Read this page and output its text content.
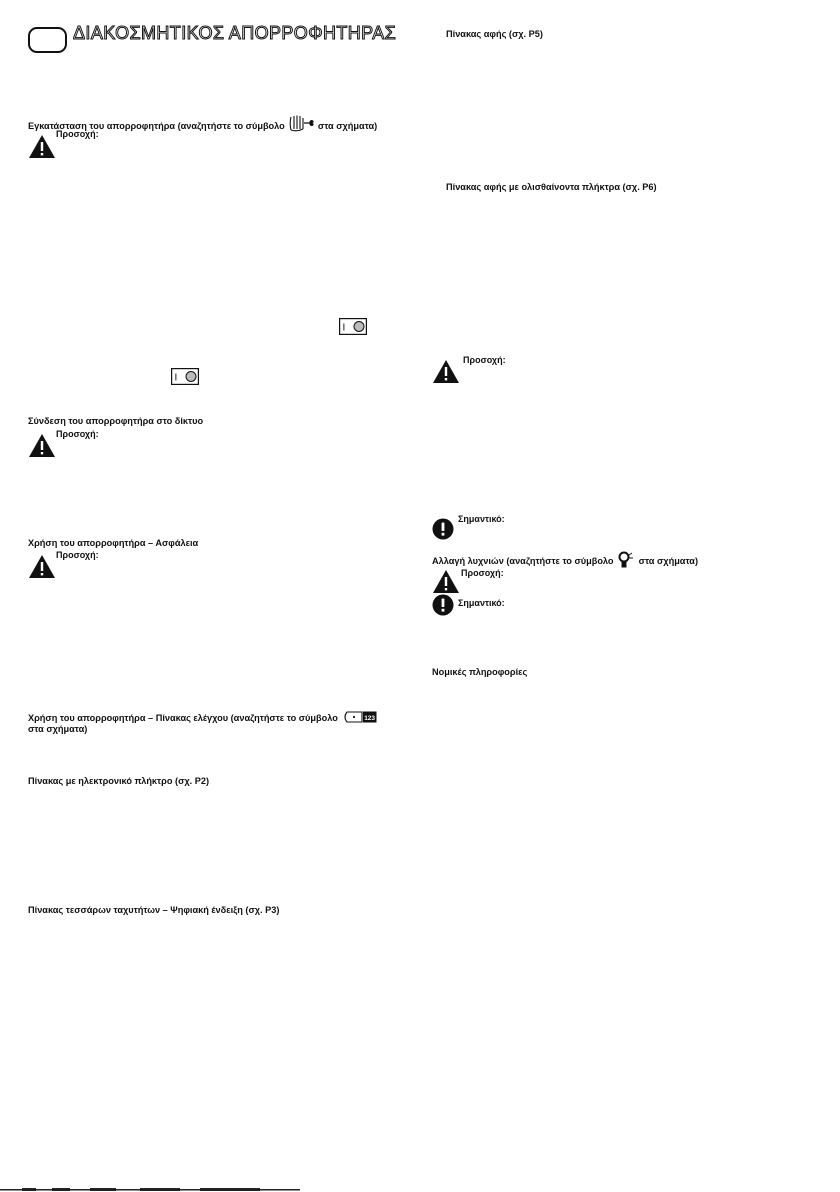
ΔΙΑΚΟΣΜΗΤΙΚΟΣ ΑΠΟΡΡΟΦΗΤΗΡΑΣ
Εγκατάσταση του απορροφητήρα (αναζητήστε το σύμβολο	στα σχήματα)
Προσοχή:
I
I
Σύνδεση του απορροφητήρα στο δίκτυο
Προσοχή:
Χρήση του απορροφητήρα – Ασφάλεια
Προσοχή:
Χρήση του απορροφητήρα – Πίνακας ελέγχου (αναζητήστε το σύμβολο	123
στα σχήματα)
Πίνακας με ηλεκτρονικό πλήκτρο (σχ. P2)
Πίνακας τεσσάρων ταχυτήτων – Ψηφιακή ένδειξη (σχ. P3)
Πίνακας αφής (σχ. P5)
Πίνακας αφής με ολισθαίνοντα πλήκτρα (σχ. P6)
Προσοχή:
Σημαντικό:
Αλλαγή λυχνιών (αναζητήστε το σύμβολο	στα σχήματα)
Προσοχή:
Σημαντικό:
Νομικές πληροφορίες
